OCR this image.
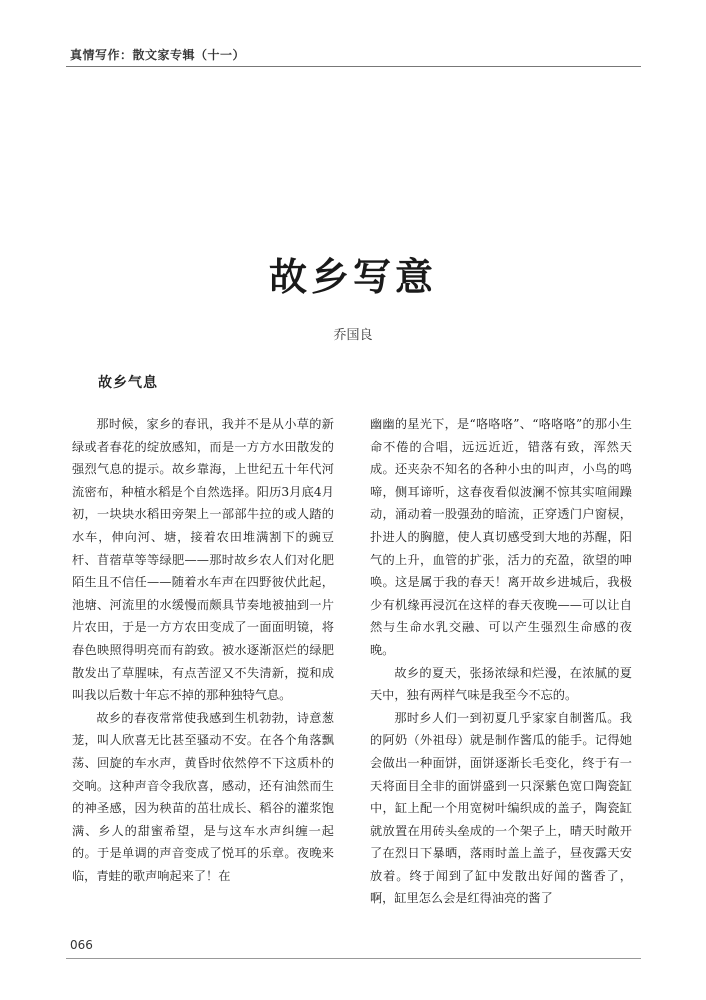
真情写作：散文家专辑（十一）
故乡写意
乔国良
故乡气息

那时候，家乡的春讯，我并不是从小草的新绿或者春花的绽放感知，而是一方方水田散发的强烈气息的提示。故乡靠海，上世纪五十年代河流密布，种植水稻是个自然选择。阳历3月底4月初，一块块水稻田旁架上一部部牛拉的或人踏的水车，伸向河、塘，接着农田堆满割下的豌豆杆、苜蓿草等等绿肥——那时故乡农人们对化肥陌生且不信任——随着水车声在四野彼伏此起，池塘、河流里的水缓慢而颇具节奏地被抽到一片片农田，于是一方方农田变成了一面面明镜，将春色映照得明亮而有韵致。被水逐渐沤烂的绿肥散发出了草腥味，有点苦涩又不失清新，搅和成叫我以后数十年忘不掉的那种独特气息。

故乡的春夜常常使我感到生机勃勃，诗意葱茏，叫人欣喜无比甚至骚动不安。在各个角落飘荡、回旋的车水声，黄昏时依然停不下这质朴的交响。这种声音令我欣喜，感动，还有油然而生的神圣感，因为秧苗的茁壮成长、稻谷的灌浆饱满、乡人的甜蜜希望，是与这车水声纠缠一起的。于是单调的声音变成了悦耳的乐章。夜晚来临，青蛙的歌声响起来了！在

幽幽的星光下，是“咯咯咯”、“咯咯咯”的那小生命不倦的合唱，远远近近，错落有致，浑然天成。还夹杂不知名的各种小虫的叫声，小鸟的鸣啼，侧耳谛听，这春夜看似波澜不惊其实喧闹躁动，涌动着一股强劲的暗流，正穿透门户窗棂，扑进人的胸臆，使人真切感受到大地的苏醒，阳气的上升，血管的扩张，活力的充盈，欲望的呻唤。这是属于我的春天！离开故乡进城后，我极少有机缘再浸沉在这样的春天夜晚——可以让自然与生命水乳交融、可以产生强烈生命感的夜晚。

故乡的夏天，张扬浓绿和烂漫，在浓腻的夏天中，独有两样气味是我至今不忘的。

那时乡人们一到初夏几乎家家自制酱瓜。我的阿奶（外祖母）就是制作酱瓜的能手。记得她会做出一种面饼，面饼逐渐长毛变化，终于有一天将面目全非的面饼盛到一只深紫色宽口陶瓷缸中，缸上配一个用宽树叶编织成的盖子，陶瓷缸就放置在用砖头垒成的一个架子上，晴天时敞开了在烈日下暴晒，落雨时盖上盖子，昼夜露天安放着。终于闻到了缸中发散出好闻的酱香了，啊，缸里怎么会是红得油亮的酱了

066
